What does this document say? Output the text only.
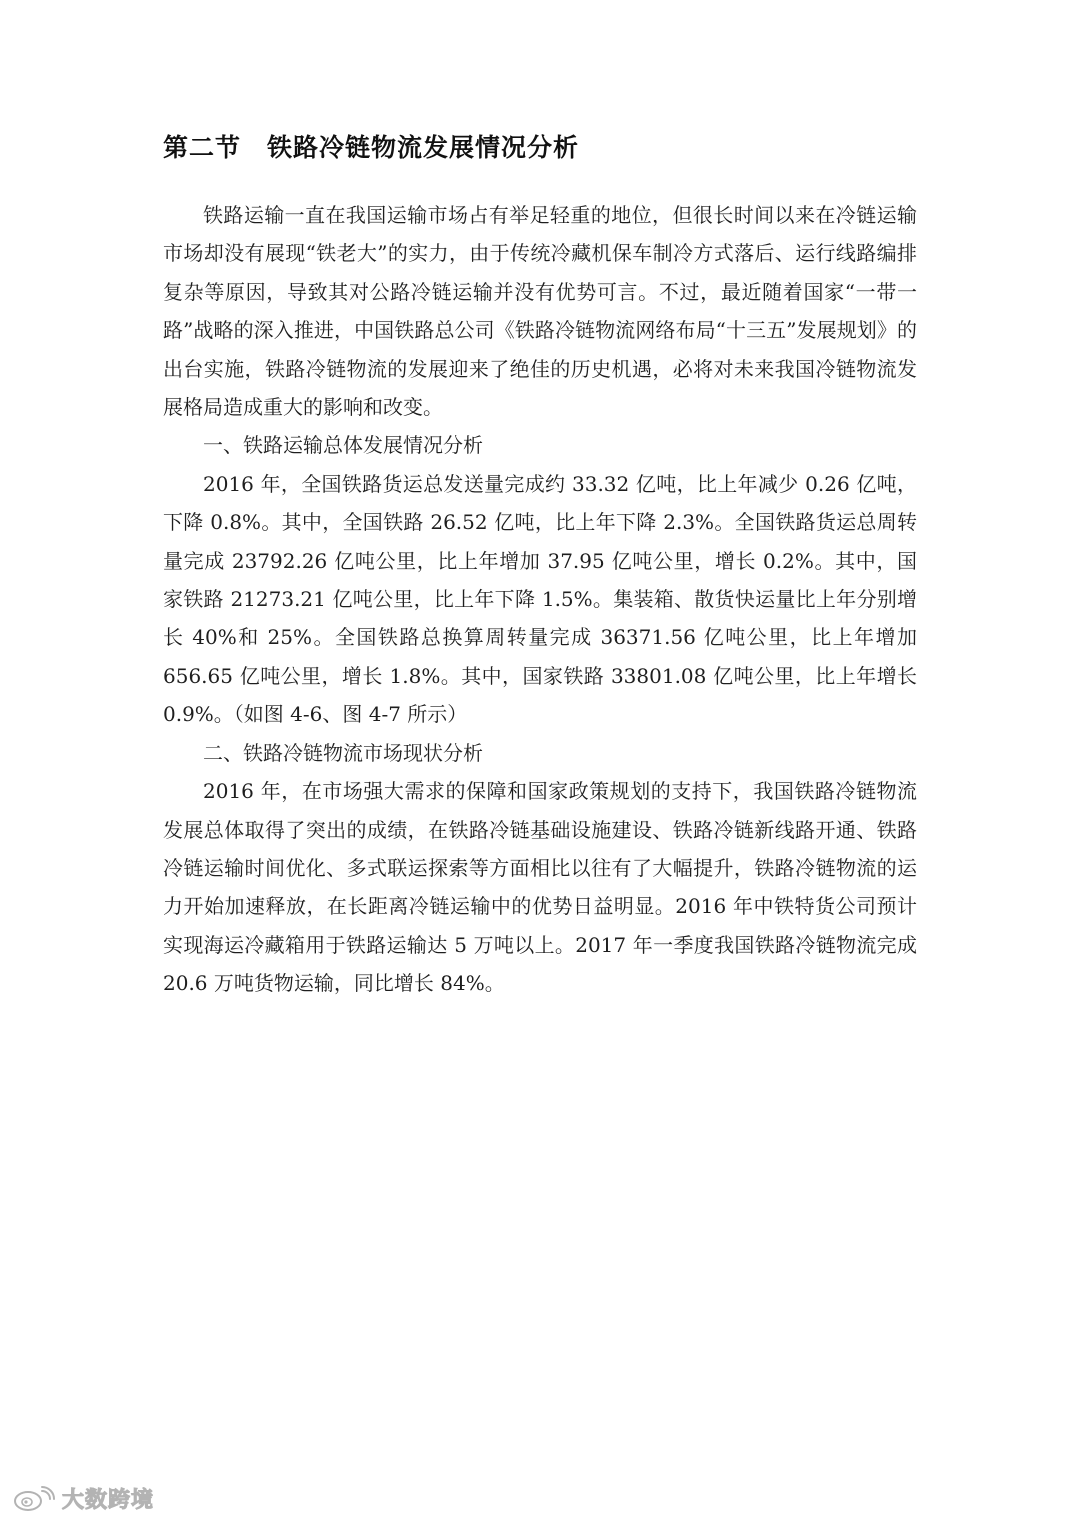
第二节　铁路冷链物流发展情况分析

铁路运输一直在我国运输市场占有举足轻重的地位，但很长时间以来在冷链运输市场却没有展现“铁老大”的实力，由于传统冷藏机保车制冷方式落后、运行线路编排复杂等原因，导致其对公路冷链运输并没有优势可言。不过，最近随着国家“一带一路”战略的深入推进，中国铁路总公司《铁路冷链物流网络布局“十三五”发展规划》的出台实施，铁路冷链物流的发展迎来了绝佳的历史机遇，必将对未来我国冷链物流发展格局造成重大的影响和改变。

一、铁路运输总体发展情况分析

2016 年，全国铁路货运总发送量完成约 33.32 亿吨，比上年减少 0.26 亿吨，下降 0.8%。其中，全国铁路 26.52 亿吨，比上年下降 2.3%。全国铁路货运总周转量完成 23792.26 亿吨公里，比上年增加 37.95 亿吨公里，增长 0.2%。其中，国家铁路 21273.21 亿吨公里，比上年下降 1.5%。集装箱、散货快运量比上年分别增长 40%和 25%。全国铁路总换算周转量完成 36371.56 亿吨公里，比上年增加 656.65 亿吨公里，增长 1.8%。其中，国家铁路 33801.08 亿吨公里，比上年增长 0.9%。（如图 4-6、图 4-7 所示）

二、铁路冷链物流市场现状分析

2016 年，在市场强大需求的保障和国家政策规划的支持下，我国铁路冷链物流发展总体取得了突出的成绩，在铁路冷链基础设施建设、铁路冷链新线路开通、铁路冷链运输时间优化、多式联运探索等方面相比以往有了大幅提升，铁路冷链物流的运力开始加速释放，在长距离冷链运输中的优势日益明显。2016 年中铁特货公司预计实现海运冷藏箱用于铁路运输达 5 万吨以上。2017 年一季度我国铁路冷链物流完成 20.6 万吨货物运输，同比增长 84%。

大数跨境
